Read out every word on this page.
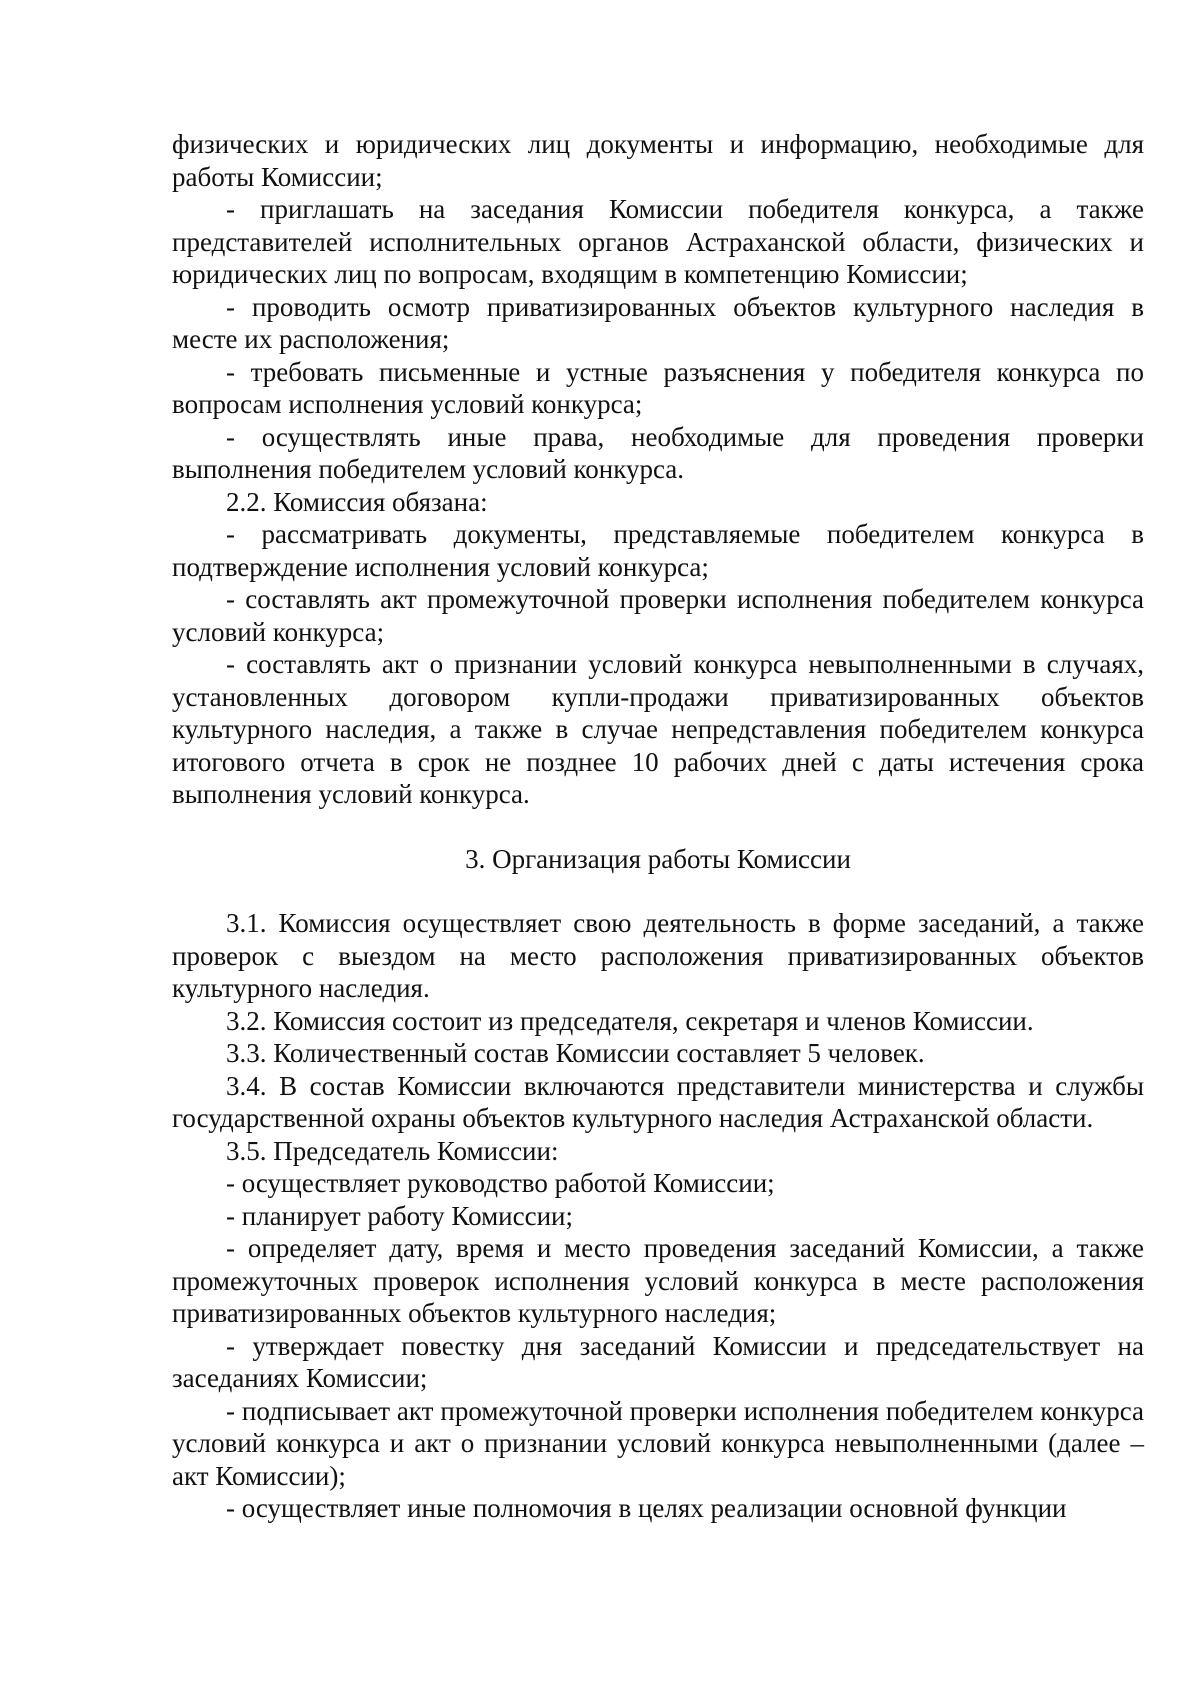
физических и юридических лиц документы и информацию, необходимые для работы Комиссии;

- приглашать на заседания Комиссии победителя конкурса, а также представителей исполнительных органов Астраханской области, физических и юридических лиц по вопросам, входящим в компетенцию Комиссии;

- проводить осмотр приватизированных объектов культурного наследия в месте их расположения;

- требовать письменные и устные разъяснения у победителя конкурса по вопросам исполнения условий конкурса;

- осуществлять иные права, необходимые для проведения проверки выполнения победителем условий конкурса.

2.2. Комиссия обязана:

- рассматривать документы, представляемые победителем конкурса в подтверждение исполнения условий конкурса;

- составлять акт промежуточной проверки исполнения победителем конкурса условий конкурса;

- составлять акт о признании условий конкурса невыполненными в случаях, установленных договором купли-продажи приватизированных объектов культурного наследия, а также в случае непредставления победителем конкурса итогового отчета в срок не позднее 10 рабочих дней с даты истечения срока выполнения условий конкурса.

3. Организация работы Комиссии

3.1. Комиссия осуществляет свою деятельность в форме заседаний, а также проверок с выездом на место расположения приватизированных объектов культурного наследия.

3.2. Комиссия состоит из председателя, секретаря и членов Комиссии.

3.3. Количественный состав Комиссии составляет 5 человек.

3.4. В состав Комиссии включаются представители министерства и службы государственной охраны объектов культурного наследия Астраханской области.

3.5. Председатель Комиссии:

- осуществляет руководство работой Комиссии;

- планирует работу Комиссии;

- определяет дату, время и место проведения заседаний Комиссии, а также промежуточных проверок исполнения условий конкурса в месте расположения приватизированных объектов культурного наследия;

- утверждает повестку дня заседаний Комиссии и председательствует на заседаниях Комиссии;

- подписывает акт промежуточной проверки исполнения победителем конкурса условий конкурса и акт о признании условий конкурса невыполненными (далее – акт Комиссии);

- осуществляет иные полномочия в целях реализации основной функции
